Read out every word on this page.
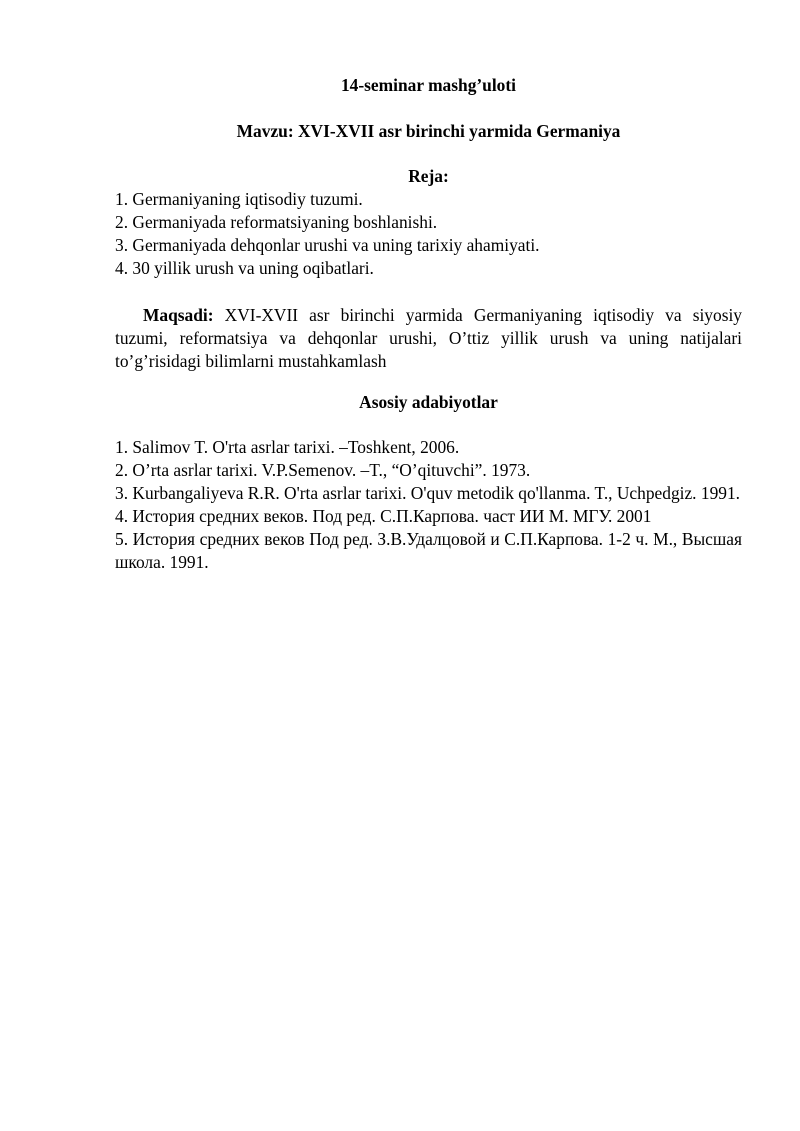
14-seminar mashg’uloti
Mavzu: XVI-XVII asr birinchi yarmida Germaniya
Reja:
1. Germaniyaning iqtisodiy tuzumi.
2. Germaniyada reformatsiyaning boshlanishi.
3. Germaniyada dehqonlar urushi va uning tarixiy ahamiyati.
4. 30 yillik urush va uning oqibatlari.

Maqsadi: XVI-XVII asr birinchi yarmida Germaniyaning iqtisodiy va siyosiy tuzumi, reformatsiya va dehqonlar urushi, O’ttiz yillik urush va uning natijalari to’g’risidagi bilimlarni mustahkamlash

Asosiy adabiyotlar
1. Salimov T. O'rta asrlar tarixi. –Toshkent, 2006.
2. O’rta asrlar tarixi. V.P.Semenov. –T., “O’qituvchi”. 1973.
3. Kurbangaliyeva R.R. O'rta asrlar tarixi. O'quv metodik qo'llanma. T., Uchpedgiz. 1991.
4. История средних веков. Под ред. С.П.Карпова. част ИИ М. МГУ. 2001
5. История средних веков Под ред. З.В.Удалцовой и С.П.Карпова. 1-2 ч. М., Высшая школа. 1991.
